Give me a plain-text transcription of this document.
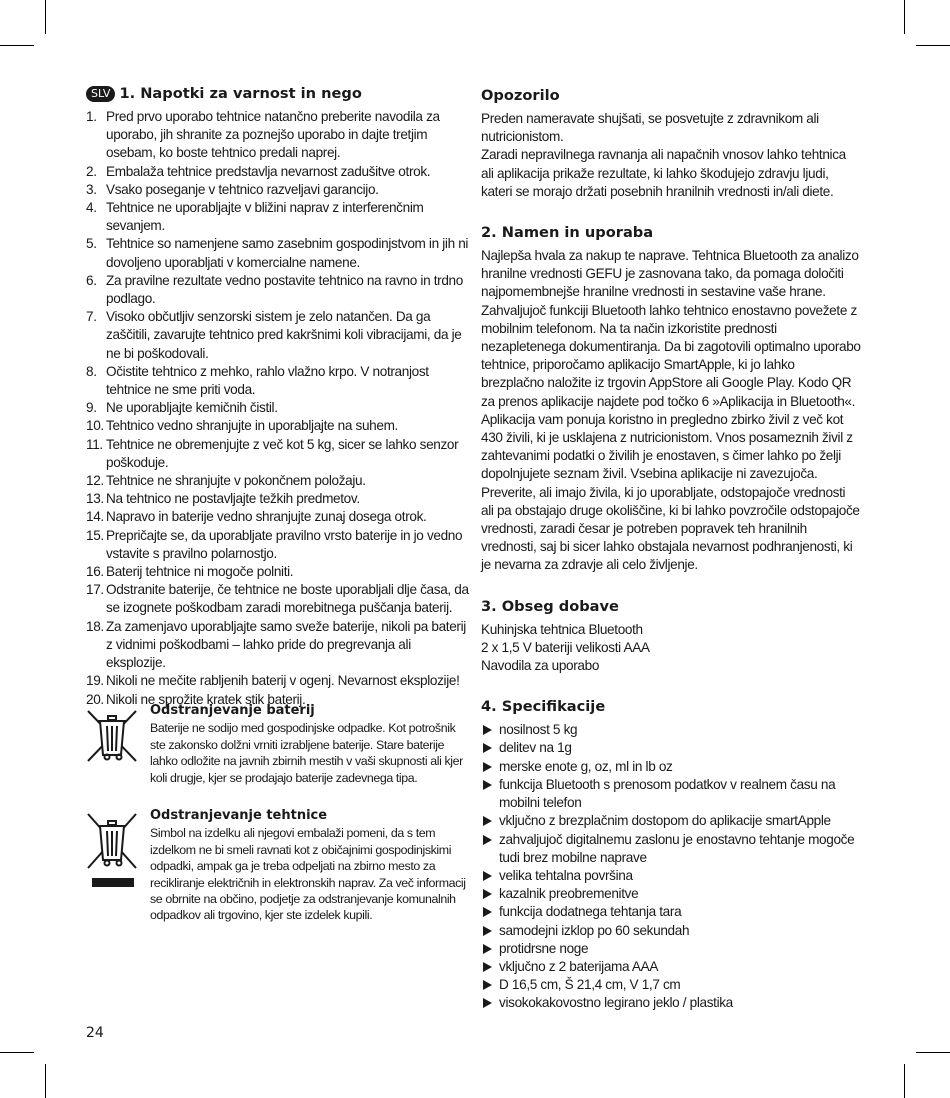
SLV 1. Napotki za varnost in nego
1. Pred prvo uporabo tehtnice natančno preberite navodila za uporabo, jih shranite za poznejšo uporabo in dajte tretjim osebam, ko boste tehtnico predali naprej.
2. Embalaža tehtnice predstavlja nevarnost zadušitve otrok.
3. Vsako poseganje v tehtnico razveljavi garancijo.
4. Tehtnice ne uporabljajte v bližini naprav z interferenčnim sevanjem.
5. Tehtnice so namenjene samo zasebnim gospodinjstvom in jih ni dovoljeno uporabljati v komercialne namene.
6. Za pravilne rezultate vedno postavite tehtnico na ravno in trdno podlago.
7. Visoko občutljiv senzorski sistem je zelo natančen. Da ga zaščitili, zavarujte tehtnico pred kakršnimi koli vibracijami, da je ne bi poškodovali.
8. Očistite tehtnico z mehko, rahlo vlažno krpo. V notranjost tehtnice ne sme priti voda.
9. Ne uporabljajte kemičnih čistil.
10. Tehtnico vedno shranjujte in uporabljajte na suhem.
11. Tehtnice ne obremenjujte z več kot 5 kg, sicer se lahko senzor poškoduje.
12. Tehtnice ne shranjujte v pokončnem položaju.
13. Na tehtnico ne postavljajte težkih predmetov.
14. Napravo in baterije vedno shranjujte zunaj dosega otrok.
15. Prepričajte se, da uporabljate pravilno vrsto baterije in jo vedno vstavite s pravilno polarnostjo.
16. Baterij tehtnice ni mogoče polniti.
17. Odstranite baterije, če tehtnice ne boste uporabljali dlje časa, da se izognete poškodbam zaradi morebitnega puščanja baterij.
18. Za zamenjavo uporabljajte samo sveže baterije, nikoli pa baterij z vidnimi poškodbami – lahko pride do pregrevanja ali eksplozije.
19. Nikoli ne mečite rabljenih baterij v ogenj. Nevarnost eksplozije!
20. Nikoli ne sprožite kratek stik baterij.
Odstranjevanje baterij

Baterije ne sodijo med gospodinjske odpadke. Kot potrošnik ste zakonsko dolžni vrniti izrabljene baterije. Stare baterije lahko odložite na javnih zbirnih mestih v vaši skupnosti ali kjer koli drugje, kjer se prodajajo baterije zadevnega tipa.

Odstranjevanje tehtnice

Simbol na izdelku ali njegovi embalaži pomeni, da s tem izdelkom ne bi smeli ravnati kot z običajnimi gospodinjskimi odpadki, ampak ga je treba odpeljati na zbirno mesto za recikliranje električnih in elektronskih naprav. Za več informacij se obrnite na občino, podjetje za odstranjevanje komunalnih odpadkov ali trgovino, kjer ste izdelek kupili.

Opozorilo

Preden nameravate shujšati, se posvetujte z zdravnikom ali nutricionistom.

Zaradi nepravilnega ravnanja ali napačnih vnosov lahko tehtnica ali aplikacija prikaže rezultate, ki lahko škodujejo zdravju ljudi, kateri se morajo držati posebnih hranilnih vrednosti in/ali diete.

2. Namen in uporaba

Najlepša hvala za nakup te naprave. Tehtnica Bluetooth za analizo hranilne vrednosti GEFU je zasnovana tako, da pomaga določiti najpomembnejše hranilne vrednosti in sestavine vaše hrane. Zahvaljujoč funkciji Bluetooth lahko tehtnico enostavno povežete z mobilnim telefonom. Na ta način izkoristite prednosti nezapletenega dokumentiranja. Da bi zagotovili optimalno uporabo tehtnice, priporočamo aplikacijo SmartApple, ki jo lahko brezplačno naložite iz trgovin AppStore ali Google Play. Kodo QR za prenos aplikacije najdete pod točko 6 »Aplikacija in Bluetooth«. Aplikacija vam ponuja koristno in pregledno zbirko živil z več kot 430 živili, ki je usklajena z nutricionistom. Vnos posameznih živil z zahtevanimi podatki o živilih je enostaven, s čimer lahko po želji dopolnjujete seznam živil. Vsebina aplikacije ni zavezujoča. Preverite, ali imajo živila, ki jo uporabljate, odstopajoče vrednosti ali pa obstajajo druge okoliščine, ki bi lahko povzročile odstopajoče vrednosti, zaradi česar je potreben popravek teh hranilnih vrednosti, saj bi sicer lahko obstajala nevarnost podhranjenosti, ki je nevarna za zdravje ali celo življenje.

3. Obseg dobave

Kuhinjska tehtnica Bluetooth

2 x 1,5 V bateriji velikosti AAA

Navodila za uporabo

4. Specifikacije
nosilnost 5 kg
delitev na 1g
merske enote g, oz, ml in lb oz
funkcija Bluetooth s prenosom podatkov v realnem času na mobilni telefon
vključno z brezplačnim dostopom do aplikacije smartApple
zahvaljujoč digitalnemu zaslonu je enostavno tehtanje mogoče tudi brez mobilne naprave
velika tehtalna površina
kazalnik preobremenitve
funkcija dodatnega tehtanja tara
samodejni izklop po 60 sekundah
protidrsne noge
vključno z 2 baterijama AAA
D 16,5 cm, Š 21,4 cm, V 1,7 cm
visokokakovostno legirano jeklo / plastika
24
